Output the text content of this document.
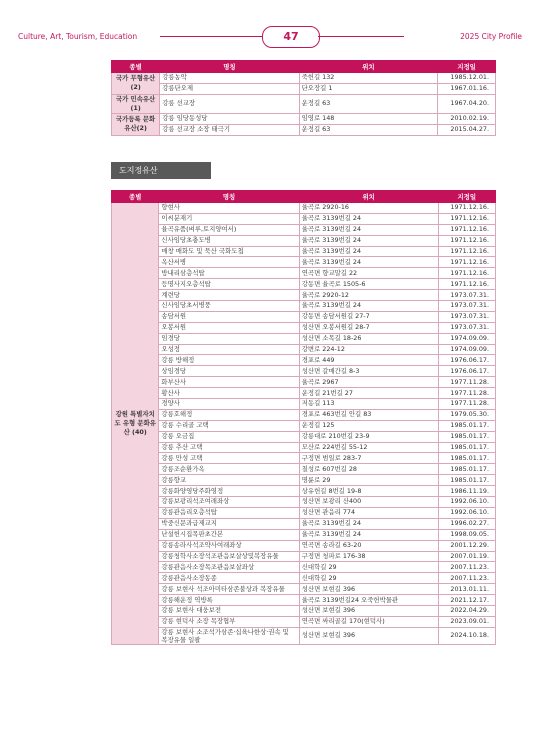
Culture, Art, Tourism, Education	47	2025 City Profile
종별	명칭	위치	지정일
국가 무형유산(2)	강릉농악	죽헌길 132	1985.12.01.
	강릉단오제	단오장길 1	1967.01.16.
국가 민속유산(1)	강릉 선교장	운정길 63	1967.04.20.
국가등록 문화유산(2)	강릉 임당동성당	임영로 148	2010.02.19.
	강릉 선교장 소장 태극기	운정길 63	2015.04.27.
도지정유산
종별	명칭	위치	지정일
강원 특별자치도 유형 문화유산 (40)	향현사	율곡로 2920-16	1971.12.16.
	이씨분재기	율곡로 3139번길 24	1971.12.16.
	율곡유품(벼루,토지양여서)	율곡로 3139번길 24	1971.12.16.
	신사임당초충도병	율곡로 3139번길 24	1971.12.16.
	매창 매화도 및 묵산 국화도첩	율곡로 3139번길 24	1971.12.16.
	옥산서병	율곡로 3139번길 24	1971.12.16.
	방내리삼층석탑	연곡면 향교말길 22	1971.12.16.
	등명사지오층석탑	강동면 율곡로 1505-6	1971.12.16.
	계련당	율곡로 2920-12	1973.07.31.
	신사임당초서병풍	율곡로 3139번길 24	1973.07.31.
	송담서원	강동면 송담서원길 27-7	1973.07.31.
	오봉서원	성산면 오봉서원길 28-7	1973.07.31.
	임경당	성산면 소목길 18-26	1974.09.09.
	오성정	강변로 224-12	1974.09.09.
	강릉 방해정	경포로 449	1976.06.17.
	상임경당	성산면 갈매간길 8-3	1976.06.17.
	화부산사	율곡로 2967	1977.11.28.
	황산사	운정길 21번길 27	1977.11.28.
	경양사	저동길 113	1977.11.28.
	강릉호해정	경포로 463번길 안길 83	1979.05.30.
	강릉 수리골 고택	운정길 125	1985.01.17.
	강릉 오금집	강릉대로 210번길 23-9	1985.01.17.
	강릉 추산 고택	모산로 224번길 55-12	1985.01.17.
	강릉 만성 고택	구정면 범일로 283-7	1985.01.17.
	강릉조순환가옥	칠성로 607번길 28	1985.01.17.
	강릉향교	명륜로 29	1985.01.17.
	강릉화양영당주화영정	상유헌길 8번길 19-8	1986.11.19.
	강릉보광리석조여래좌상	성산면 보광리 산400	1992.06.10.
	강릉관음리오층석탑	성산면 관음리 774	1992.06.10.
	박중신문과급제교지	율곡로 3139번길 24	1996.02.27.
	난설헌시집목판초간본	율곡로 3139번길 24	1998.09.05.
	강릉송라사석조약사여래좌상	연곡면 송라길 63-20	2001.12.29.
	강릉청학사소장석조관음보살상및복장유물	구정면 청파로 176-38	2007.01.19.
	강릉관음사소장목조관음보살좌상	신대학길 29	2007.11.23.
	강릉관음사소장동종	신대학길 29	2007.11.23.
	강릉 보현사 석조아미타삼존불상과 복장유물	성산면 보현길 396	2013.01.11.
	강릉해운정 역방록	율곡로 3139번길24 오죽헌박물관	2021.12.17.
	강릉 보현사 대웅보전	성산면 보현길 396	2022.04.29.
	강릉 현덕사 소장 목장협부	연곡면 싸리골길 170(현덕사)	2023.09.01.
	강릉 보현사 소조석가삼존·십육나한상·권속 및 복장유물 일괄	성산면 보현길 396	2024.10.18.
